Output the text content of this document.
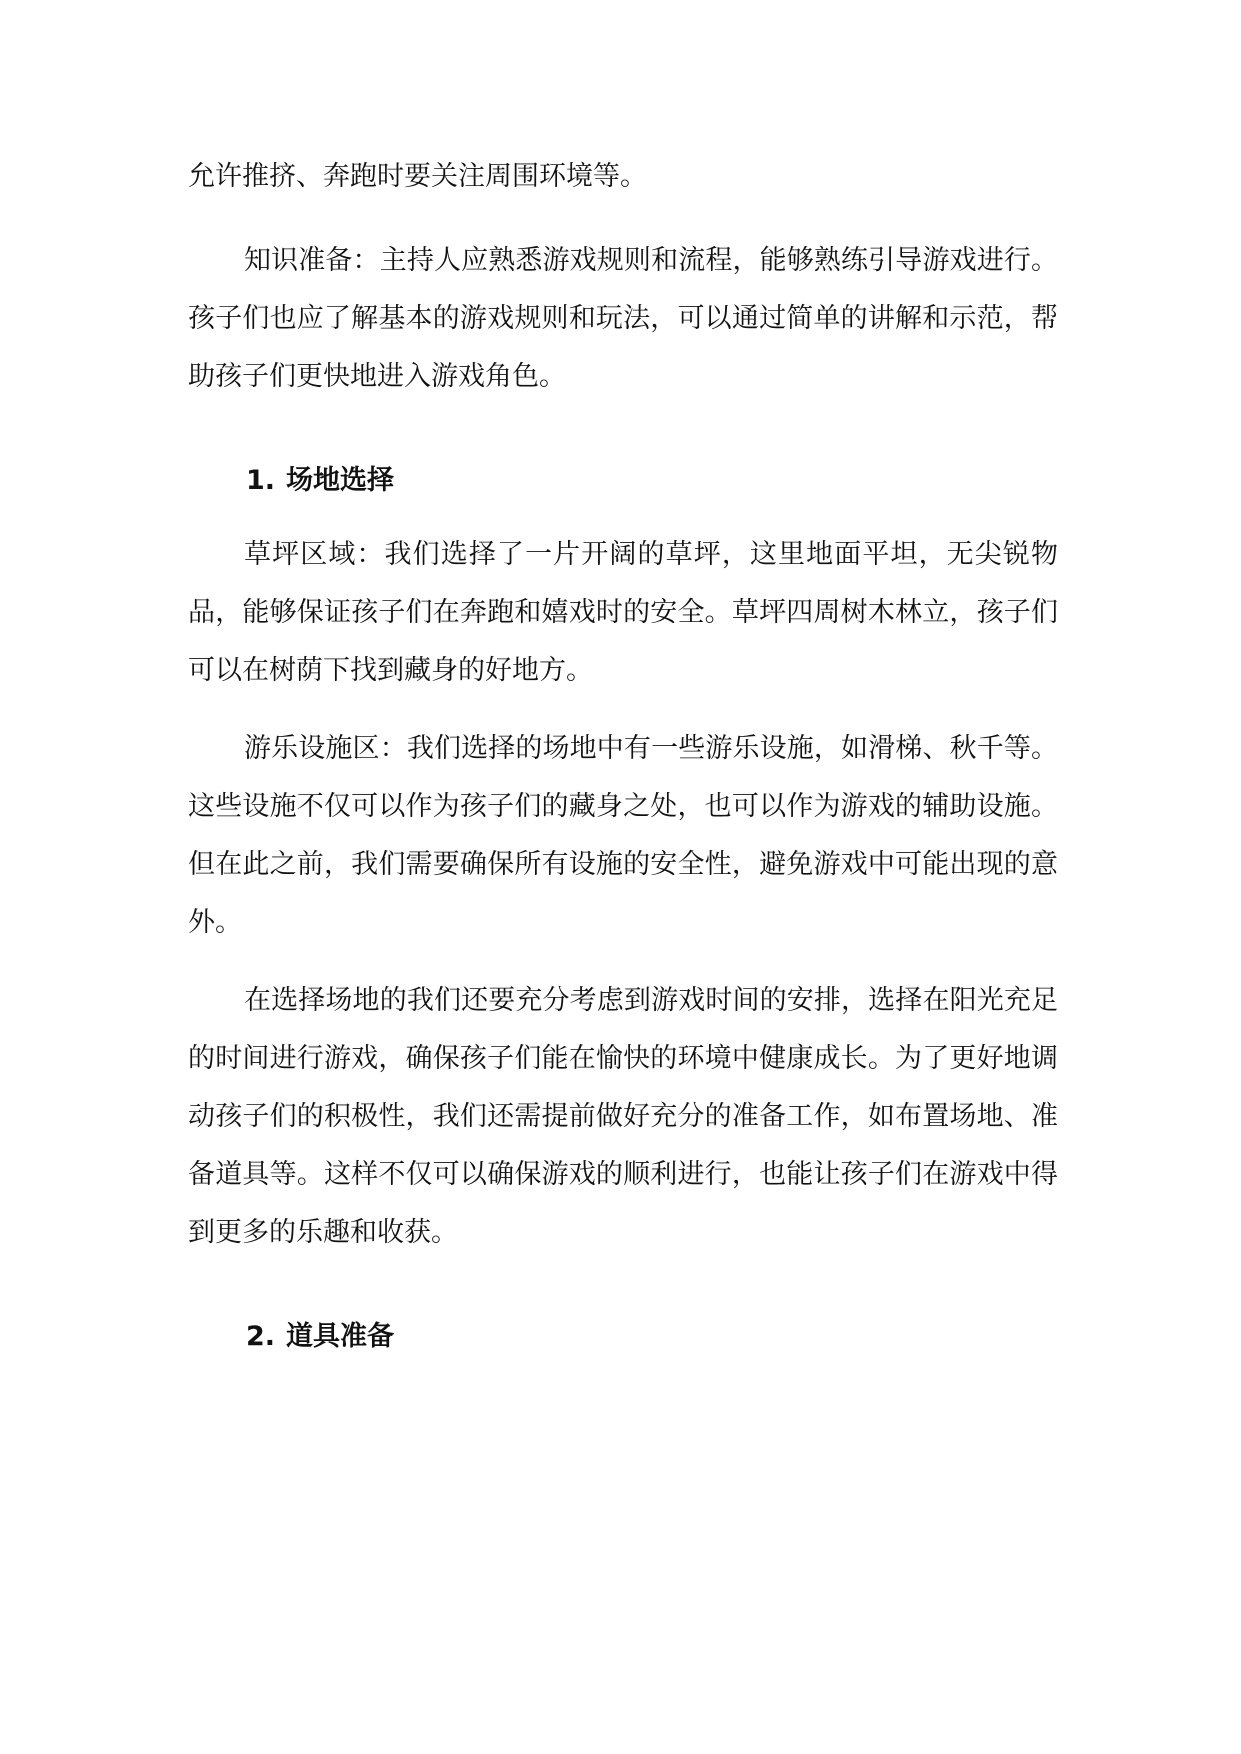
允许推挤、奔跑时要关注周围环境等。

知识准备：主持人应熟悉游戏规则和流程，能够熟练引导游戏进行。孩子们也应了解基本的游戏规则和玩法，可以通过简单的讲解和示范，帮助孩子们更快地进入游戏角色。

1. 场地选择

草坪区域：我们选择了一片开阔的草坪，这里地面平坦，无尖锐物品，能够保证孩子们在奔跑和嬉戏时的安全。草坪四周树木林立，孩子们可以在树荫下找到藏身的好地方。

游乐设施区：我们选择的场地中有一些游乐设施，如滑梯、秋千等。这些设施不仅可以作为孩子们的藏身之处，也可以作为游戏的辅助设施。但在此之前，我们需要确保所有设施的安全性，避免游戏中可能出现的意外。

在选择场地的我们还要充分考虑到游戏时间的安排，选择在阳光充足的时间进行游戏，确保孩子们能在愉快的环境中健康成长。为了更好地调动孩子们的积极性，我们还需提前做好充分的准备工作，如布置场地、准备道具等。这样不仅可以确保游戏的顺利进行，也能让孩子们在游戏中得到更多的乐趣和收获。

2. 道具准备
